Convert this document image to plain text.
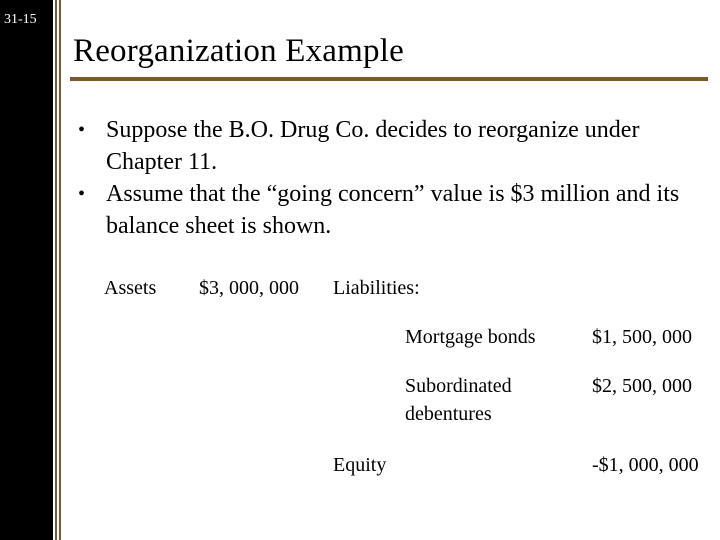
31-15
Reorganization Example
• Suppose the B.O. Drug Co. decides to reorganize under Chapter 11.
• Assume that the “going concern” value is $3 million and its balance sheet is shown.
Assets $3, 000, 000 Liabilities:
Mortgage bonds	$1, 500, 000
Subordinated debentures
$2, 500, 000
Equity	-$1, 000, 000
